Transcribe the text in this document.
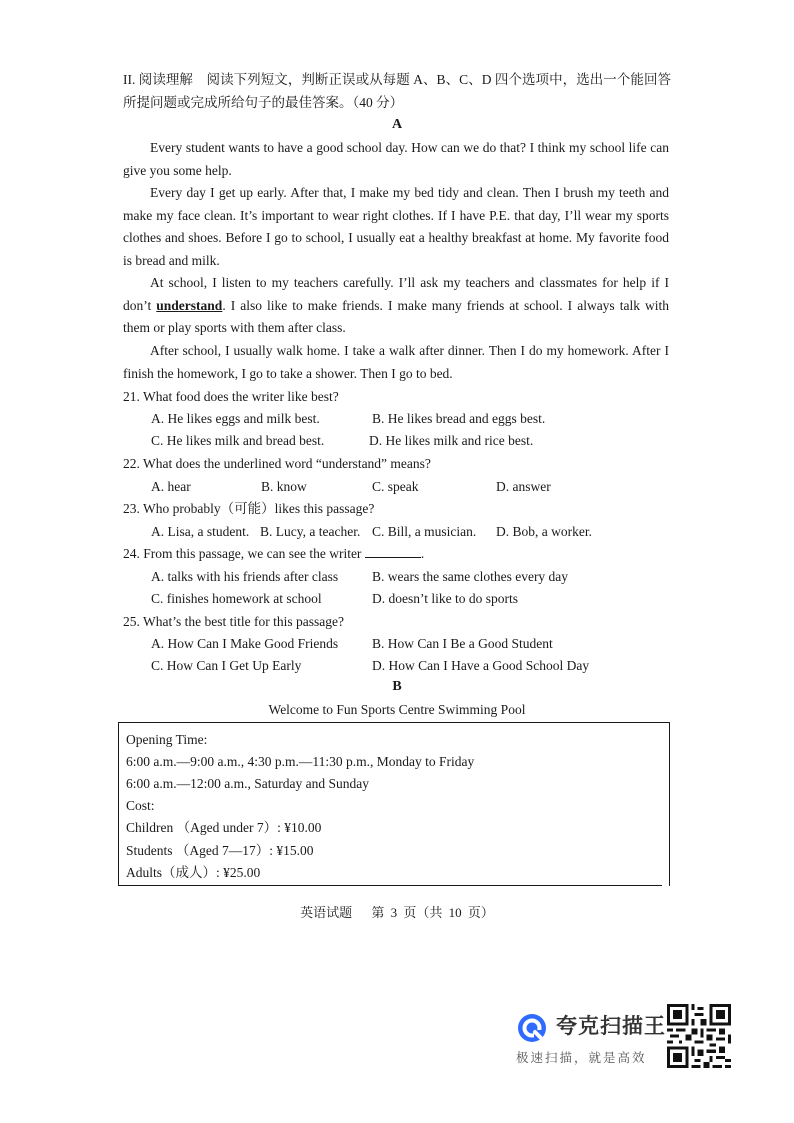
II. 阅读理解　阅读下列短文，判断正误或从每题 A、B、C、D 四个选项中，选出一个能回答所提问题或完成所给句子的最佳答案。（40 分）
A

Every student wants to have a good school day. How can we do that? I think my school life can give you some help.

Every day I get up early. After that, I make my bed tidy and clean. Then I brush my teeth and make my face clean. It’s important to wear right clothes. If I have P.E. that day, I’ll wear my sports clothes and shoes. Before I go to school, I usually eat a healthy breakfast at home. My favorite food is bread and milk.

At school, I listen to my teachers carefully. I’ll ask my teachers and classmates for help if I don’t understand. I also like to make friends. I make many friends at school. I always talk with them or play sports with them after class.

After school, I usually walk home. I take a walk after dinner. Then I do my homework. After I finish the homework, I go to take a shower. Then I go to bed.

21. What food does the writer like best?
A. He likes eggs and milk best.	B. He likes bread and eggs best.
C. He likes milk and bread best.	D. He likes milk and rice best.
22. What does the underlined word “understand” means?
A. hear	B. know	C. speak	D. answer
23. Who probably（可能）likes this passage?
A. Lisa, a student. B. Lucy, a teacher. C. Bill, a musician. D. Bob, a worker.
24. From this passage, we can see the writer	.
A. talks with his friends after class	B. wears the same clothes every day
C. finishes homework at school	D. doesn’t like to do sports
25. What’s the best title for this passage?
A. How Can I Make Good Friends	B. How Can I Be a Good Student
C. How Can I Get Up Early	D. How Can I Have a Good School Day
B
Welcome to Fun Sports Centre Swimming Pool
Opening Time:
6:00 a.m.—9:00 a.m., 4:30 p.m.—11:30 p.m., Monday to Friday
6:00 a.m.—12:00 a.m., Saturday and Sunday
Cost:
Children （Aged under 7）: ¥10.00
Students （Aged 7—17）: ¥15.00
Adults（成人）: ¥25.00
英语试题　 第 3 页（共 10 页）
夸克扫描王
极速扫描，就是高效
